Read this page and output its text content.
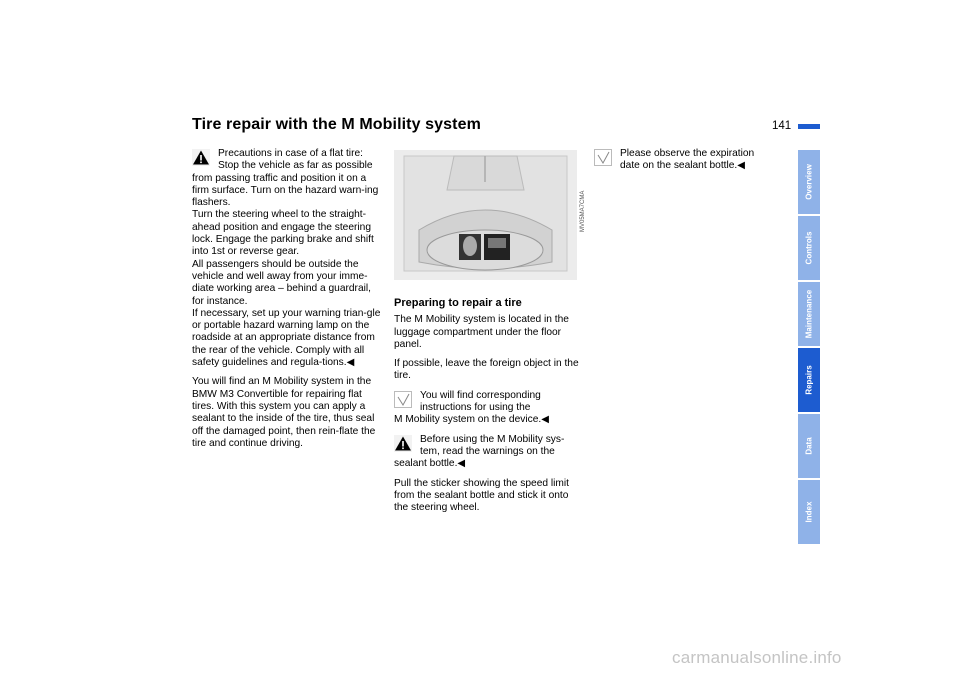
Tire repair with the M Mobility system	141
Precautions in case of a flat tire:
Stop the vehicle as far as possible

from passing traffic and position it on a firm surface. Turn on the hazard warn-ing flashers.
Turn the steering wheel to the straight-ahead position and engage the steering lock. Engage the parking brake and shift into 1st or reverse gear.
All passengers should be outside the vehicle and well away from your imme-diate working area – behind a guardrail, for instance.
If necessary, set up your warning trian-gle or portable hazard warning lamp on the roadside at an appropriate distance from the rear of the vehicle. Comply with all safety guidelines and regula-tions.◀

You will find an M Mobility system in the BMW M3 Convertible for repairing flat tires. With this system you can apply a sealant to the inside of the tire, thus seal off the damaged point, then rein-flate the tire and continue driving.

MV05MA7CMA
Preparing to repair a tire

The M Mobility system is located in the luggage compartment under the floor panel.

If possible, leave the foreign object in the tire.

You will find corresponding
instructions for using the

M Mobility system on the device.◀

Before using the M Mobility sys-
tem, read the warnings on the

sealant bottle.◀

Pull the sticker showing the speed limit from the sealant bottle and stick it onto the steering wheel.

Please observe the expiration
date on the sealant bottle.◀	Overview
Controls
Maintenance
Repairs
Data
Index
carmanualsonline.info
